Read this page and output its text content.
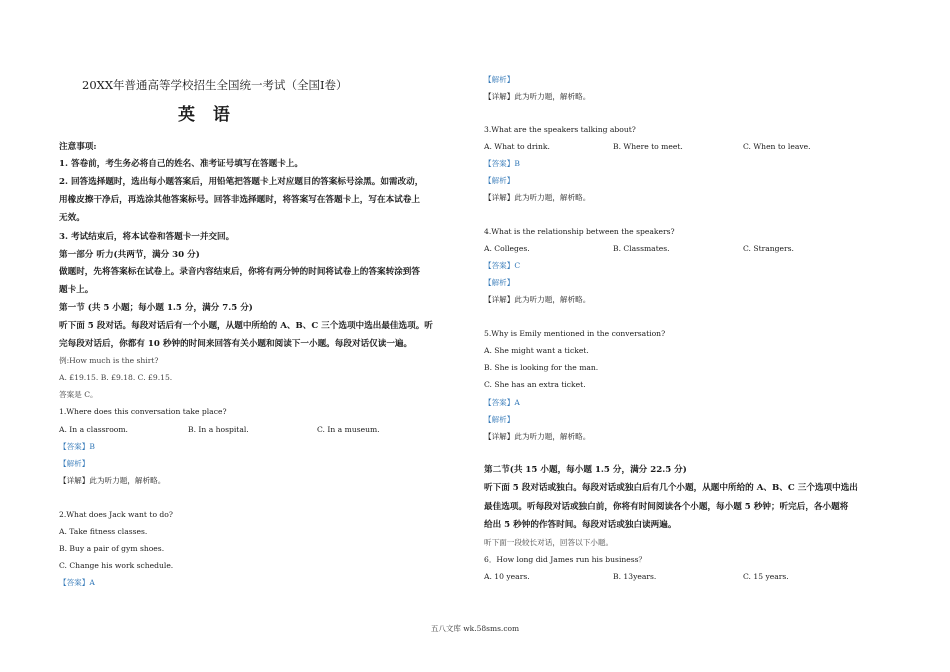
20XX年普通高等学校招生全国统一考试（全国I卷）
英 语
注意事项:
1. 答卷前，考生务必将自己的姓名、准考证号填写在答题卡上。
2. 回答选择题时，选出每小题答案后，用铅笔把答题卡上对应题目的答案标号涂黑。如需改动，
用橡皮擦干净后，再选涂其他答案标号。回答非选择题时，将答案写在答题卡上，写在本试卷上
无效。
3. 考试结束后，将本试卷和答题卡一并交回。
第一部分 听力(共两节，满分 30 分)
做题时，先将答案标在试卷上。录音内容结束后，你将有两分钟的时间将试卷上的答案转涂到答
题卡上。
第一节 (共 5 小题；每小题 1.5 分，满分 7.5 分)
听下面 5 段对话。每段对话后有一个小题，从题中所给的 A、B、C 三个选项中选出最佳选项。听
完每段对话后，你都有 10 秒钟的时间来回答有关小题和阅读下一小题。每段对话仅读一遍。
例:How much is the shirt?
A. £19.15. B. £9.18. C. £9.15.
答案是 C。
1.Where does this conversation take place?
A. In a classroom.	B. In a hospital.	C. In a museum.
【答案】B
【解析】
【详解】此为听力题，解析略。
2.What does Jack want to do?
A. Take fitness classes.
B. Buy a pair of gym shoes.
C. Change his work schedule.
【答案】A
【解析】
【详解】此为听力题，解析略。
3.What are the speakers talking about?
A. What to drink.	B. Where to meet.	C. When to leave.
【答案】B
【解析】
【详解】此为听力题，解析略。
4.What is the relationship between the speakers?
A. Colleges.	B. Classmates.	C. Strangers.
【答案】C
【解析】
【详解】此为听力题，解析略。
5.Why is Emily mentioned in the conversation?
A. She might want a ticket.
B. She is looking for the man.
C. She has an extra ticket.
【答案】A
【解析】
【详解】此为听力题，解析略。
第二节(共 15 小题，每小题 1.5 分，满分 22.5 分)
听下面 5 段对话或独白。每段对话或独白后有几个小题，从题中所给的 A、B、C 三个选项中选出
最佳选项。听每段对话或独白前，你将有时间阅读各个小题，每小题 5 秒钟；听完后，各小题将
给出 5 秒钟的作答时间。每段对话或独白读两遍。
听下面一段较长对话，回答以下小题。
6．How long did James run his business？
A. 10 years.	B. 13years.	C. 15 years.
五八文库 wk.58sms.com
